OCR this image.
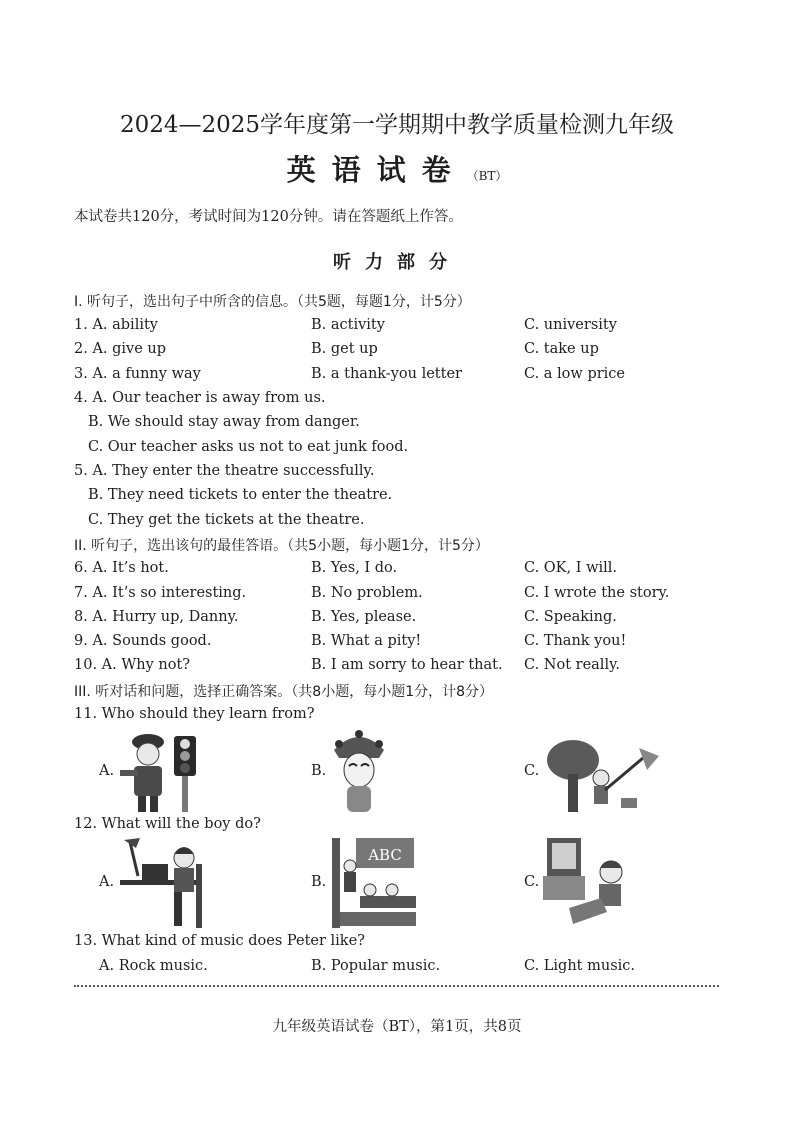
2024—2025学年度第一学期期中教学质量检测九年级
英语试卷（BT）
本试卷共120分，考试时间为120分钟。请在答题纸上作答。
听力部分
I. 听句子，选出句子中所含的信息。（共5题，每题1分，计5分）
1. A. ability	B. activity	C. university
2. A. give up	B. get up	C. take up
3. A. a funny way	B. a thank-you letter	C. a low price
4. A. Our teacher is away from us.
B. We should stay away from danger.
C. Our teacher asks us not to eat junk food.
5. A. They enter the theatre successfully.
B. They need tickets to enter the theatre.
C. They get the tickets at the theatre.
II. 听句子，选出该句的最佳答语。（共5小题，每小题1分，计5分）
6. A. It’s hot.	B. Yes, I do.	C. OK, I will.
7. A. It’s so interesting.	B. No problem.	C. I wrote the story.
8. A. Hurry up, Danny.	B. Yes, please.	C. Speaking.
9. A. Sounds good.	B. What a pity!	C. Thank you!
10. A. Why not?	B. I am sorry to hear that. C. Not really.
III. 听对话和问题，选择正确答案。（共8小题，每小题1分，计8分）
11. Who should they learn from?
A.	B.	C.
12. What will the boy do?
A.	B.
ABC
C.
13. What kind of music does Peter like?
A. Rock music.	B. Popular music.	C. Light music.
九年级英语试卷（BT），第1页，共8页
